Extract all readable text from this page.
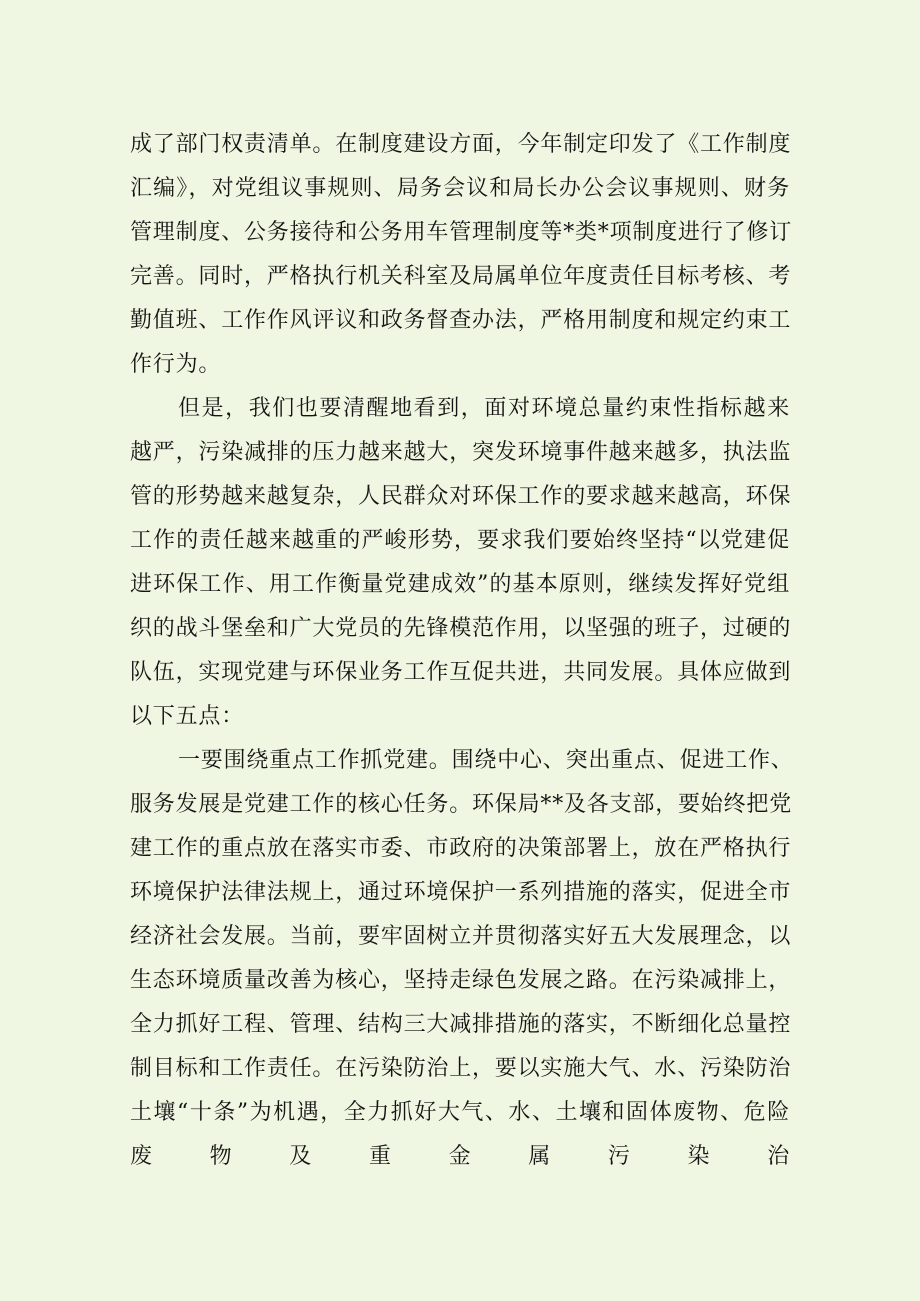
成了部门权责清单。在制度建设方面，今年制定印发了《工作制度
汇编》，对党组议事规则、局务会议和局长办公会议事规则、财务
管理制度、公务接待和公务用车管理制度等*类*项制度进行了修订
完善。同时，严格执行机关科室及局属单位年度责任目标考核、考
勤值班、工作作风评议和政务督查办法，严格用制度和规定约束工
作行为。
但是，我们也要清醒地看到，面对环境总量约束性指标越来
越严，污染减排的压力越来越大，突发环境事件越来越多，执法监
管的形势越来越复杂，人民群众对环保工作的要求越来越高，环保
工作的责任越来越重的严峻形势，要求我们要始终坚持“以党建促
进环保工作、用工作衡量党建成效”的基本原则，继续发挥好党组
织的战斗堡垒和广大党员的先锋模范作用，以坚强的班子，过硬的
队伍，实现党建与环保业务工作互促共进，共同发展。具体应做到
以下五点：
一要围绕重点工作抓党建。围绕中心、突出重点、促进工作、
服务发展是党建工作的核心任务。环保局**及各支部，要始终把党
建工作的重点放在落实市委、市政府的决策部署上，放在严格执行
环境保护法律法规上，通过环境保护一系列措施的落实，促进全市
经济社会发展。当前，要牢固树立并贯彻落实好五大发展理念，以
生态环境质量改善为核心，坚持走绿色发展之路。在污染减排上，
全力抓好工程、管理、结构三大减排措施的落实，不断细化总量控
制目标和工作责任。在污染防治上，要以实施大气、水、污染防治
土壤“十条”为机遇，全力抓好大气、水、土壤和固体废物、危险
废 物 及 重 金 属 污 染 治
